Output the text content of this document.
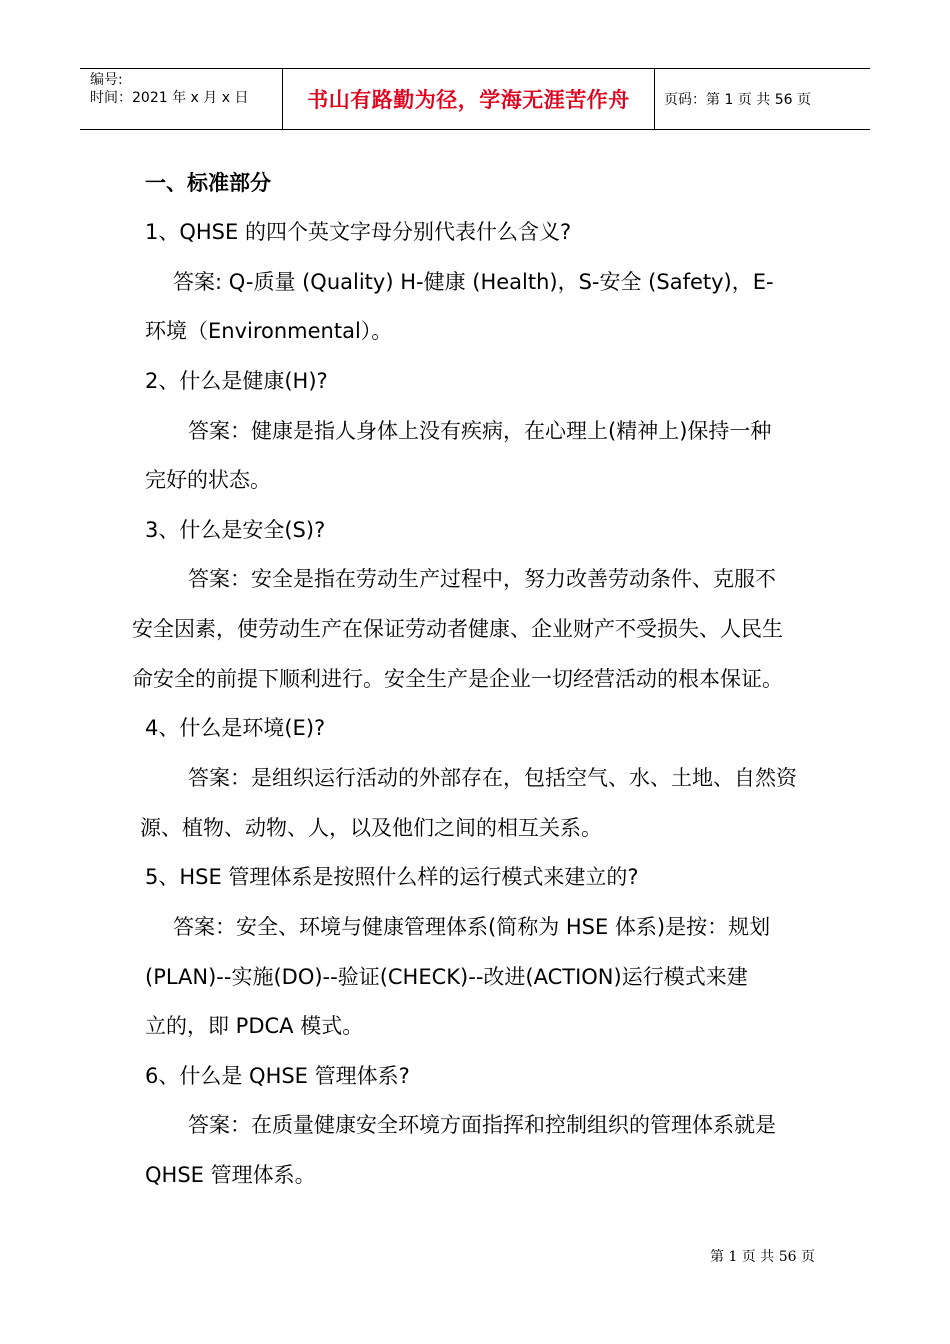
编号:
时间：2021 年 x 月 x 日	书山有路勤为径，学海无涯苦作舟 页码：第 1 页 共 56 页
一、标准部分
1、QHSE 的四个英文字母分别代表什么含义?
答案: Q-质量 (Quality) H-健康 (Health)，S-安全 (Safety)，E-
环境（Environmental）。
2、什么是健康(H)?
答案：健康是指人身体上没有疾病，在心理上(精神上)保持一种
完好的状态。
3、什么是安全(S)?
答案：安全是指在劳动生产过程中，努力改善劳动条件、克服不
安全因素，使劳动生产在保证劳动者健康、企业财产不受损失、人民生
命安全的前提下顺利进行。安全生产是企业一切经营活动的根本保证。
4、什么是环境(E)?
答案：是组织运行活动的外部存在，包括空气、水、土地、自然资
源、植物、动物、人，以及他们之间的相互关系。
5、HSE 管理体系是按照什么样的运行模式来建立的?
答案：安全、环境与健康管理体系(简称为 HSE 体系)是按：规划
(PLAN)--实施(DO)--验证(CHECK)--改进(ACTION)运行模式来建
立的，即 PDCA 模式。
6、什么是 QHSE 管理体系?
答案：在质量健康安全环境方面指挥和控制组织的管理体系就是
QHSE 管理体系。
第 1 页 共 56 页
